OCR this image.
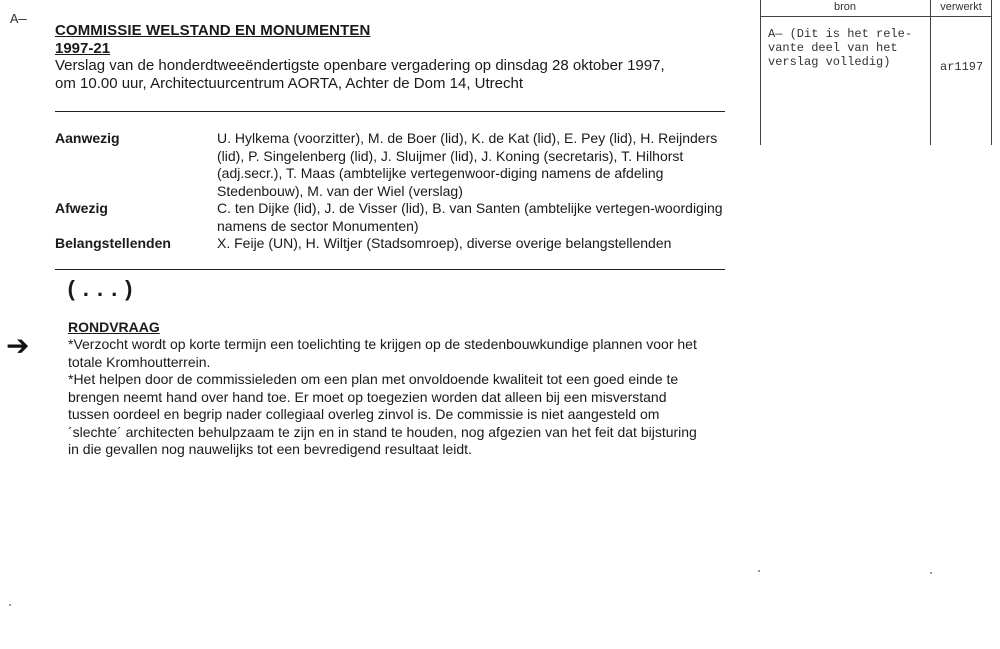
A—
COMMISSIE WELSTAND EN MONUMENTEN
1997-21
Verslag van de honderdtweeëndertigste openbare vergadering op dinsdag 28 oktober 1997,
om 10.00 uur, Architectuurcentrum AORTA, Achter de Dom 14, Utrecht
Aanwezig	U. Hylkema (voorzitter), M. de Boer (lid), K. de Kat (lid), E. Pey (lid), H. Reijnders (lid), P. Singelenberg (lid), J. Sluijmer (lid), J. Koning (secretaris), T. Hilhorst (adj.secr.), T. Maas (ambtelijke vertegenwoor-diging namens de afdeling Stedenbouw), M. van der Wiel (verslag)
Afwezig	C. ten Dijke (lid), J. de Visser (lid), B. van Santen (ambtelijke vertegen-woordiging namens de sector Monumenten)
Belangstellenden	X. Feije (UN), H. Wiltjer (Stadsomroep), diverse overige belangstellenden
(...)
➔
RONDVRAAG

*Verzocht wordt op korte termijn een toelichting te krijgen op de stedenbouwkundige plannen voor het totale Kromhoutterrein.

*Het helpen door de commissieleden om een plan met onvoldoende kwaliteit tot een goed einde te brengen neemt hand over hand toe. Er moet op toegezien worden dat alleen bij een misverstand tussen oordeel en begrip nader collegiaal overleg zinvol is. De commissie is niet aangesteld om ´slechte´ architecten behulpzaam te zijn en in stand te houden, nog afgezien van het feit dat bijsturing in die gevallen nog nauwelijks tot een bevredigend resultaat leidt.

bron	verwerkt
A— (Dit is het rele-
vante deel van het
verslag volledig)	ar1197
